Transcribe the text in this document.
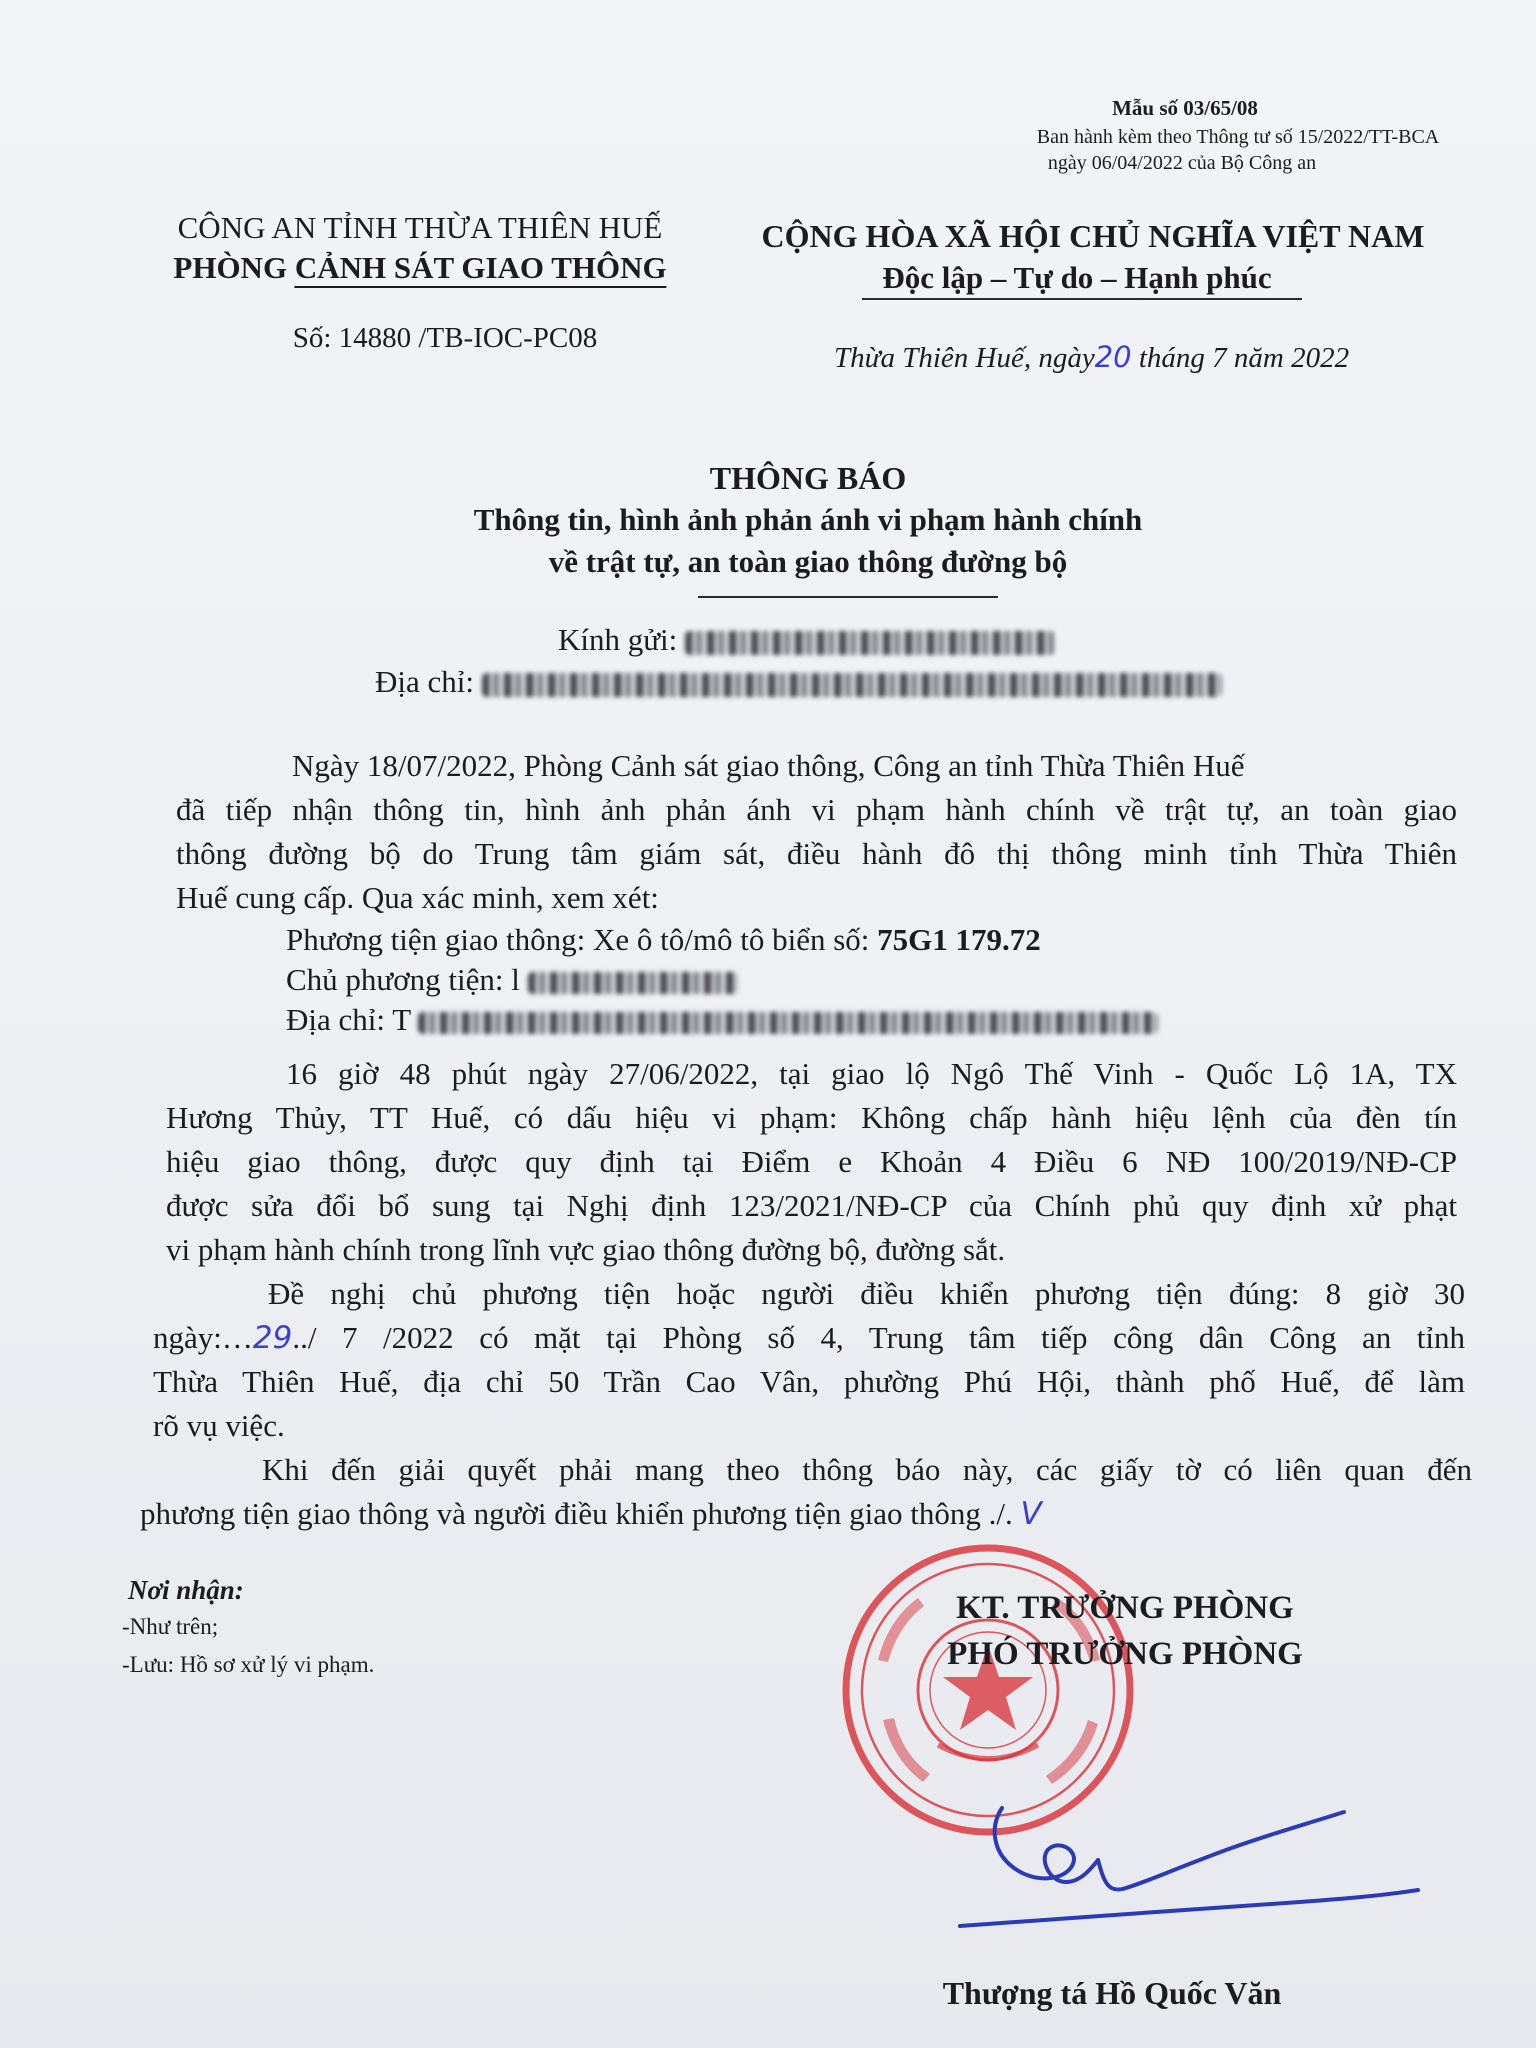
Mẫu số 03/65/08
Ban hành kèm theo Thông tư số 15/2022/TT-BCA
ngày 06/04/2022 của Bộ Công an
CÔNG AN TỈNH THỪA THIÊN HUẾ
PHÒNG CẢNH SÁT GIAO THÔNG
Số: 14880 /TB-IOC-PC08
CỘNG HÒA XÃ HỘI CHỦ NGHĨA VIỆT NAM
Độc lập – Tự do – Hạnh phúc
Thừa Thiên Huế, ngày20 tháng 7 năm 2022
THÔNG BÁO
Thông tin, hình ảnh phản ánh vi phạm hành chính
về trật tự, an toàn giao thông đường bộ
Kính gửi:
Địa chỉ:
Ngày 18/07/2022, Phòng Cảnh sát giao thông, Công an tỉnh Thừa Thiên Huế
đã tiếp nhận thông tin, hình ảnh phản ánh vi phạm hành chính về trật tự, an toàn giao
thông đường bộ do Trung tâm giám sát, điều hành đô thị thông minh tỉnh Thừa Thiên
Huế cung cấp. Qua xác minh, xem xét:
Phương tiện giao thông: Xe ô tô/mô tô biển số: 75G1 179.72
Chủ phương tiện: l
Địa chỉ: T
16 giờ 48 phút ngày 27/06/2022, tại giao lộ Ngô Thế Vinh - Quốc Lộ 1A, TX
Hương Thủy, TT Huế, có dấu hiệu vi phạm: Không chấp hành hiệu lệnh của đèn tín
hiệu giao thông, được quy định tại Điểm e Khoản 4 Điều 6 NĐ 100/2019/NĐ-CP
được sửa đổi bổ sung tại Nghị định 123/2021/NĐ-CP của Chính phủ quy định xử phạt
vi phạm hành chính trong lĩnh vực giao thông đường bộ, đường sắt.
Đề nghị chủ phương tiện hoặc người điều khiển phương tiện đúng: 8 giờ 30
ngày:…29../ 7 /2022 có mặt tại Phòng số 4, Trung tâm tiếp công dân Công an tỉnh
Thừa Thiên Huế, địa chỉ 50 Trần Cao Vân, phường Phú Hội, thành phố Huế, để làm
rõ vụ việc.
Khi đến giải quyết phải mang theo thông báo này, các giấy tờ có liên quan đến
phương tiện giao thông và người điều khiển phương tiện giao thông ./. V
Nơi nhận:
-Như trên;
-Lưu: Hồ sơ xử lý vi phạm.
KT. TRƯỞNG PHÒNG
PHÓ TRƯỞNG PHÒNG
Thượng tá Hồ Quốc Văn
